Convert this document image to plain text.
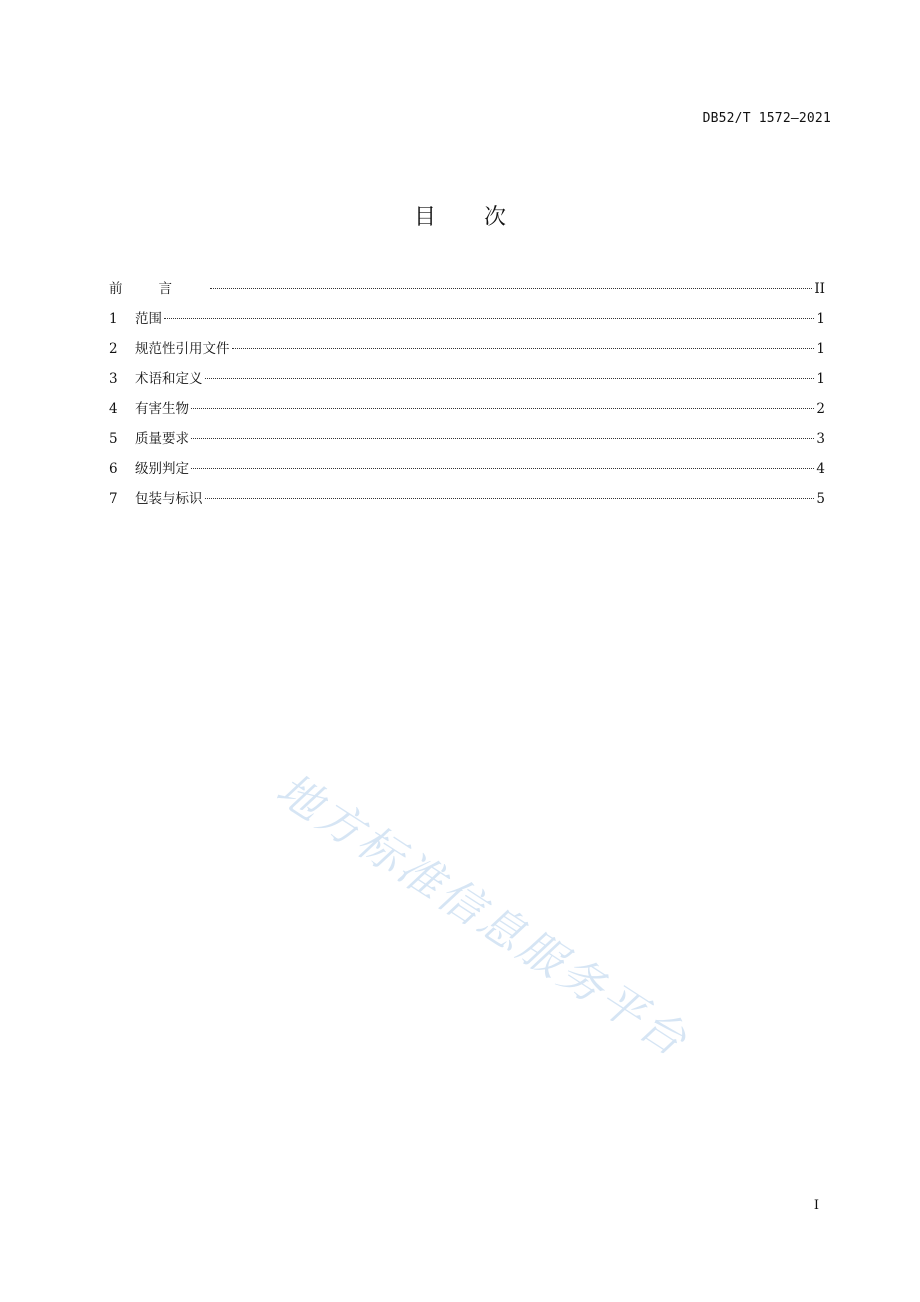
DB52/T 1572—2021
目次
前言	II
1	范围	1
2	规范性引用文件	1
3	术语和定义	1
4	有害生物	2
5	质量要求	3
6	级别判定	4
7	包装与标识	5
地方标准信息服务平台
I
